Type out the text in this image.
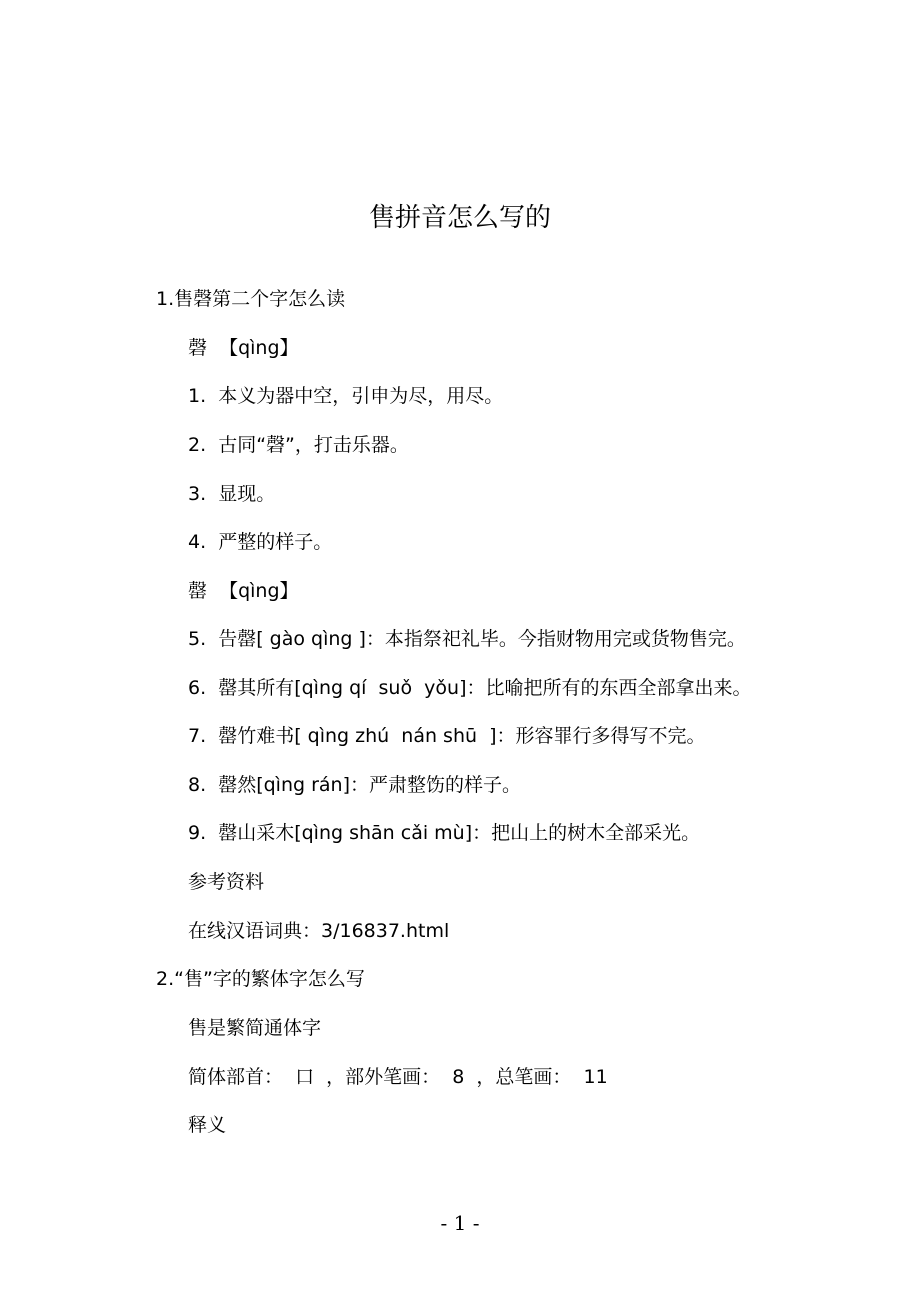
售拼音怎么写的
1.售磬第二个字怎么读
磬  【qìng】
1.  本义为器中空，引申为尽，用尽。
2.  古同“磬”，打击乐器。
3.  显现。
4.  严整的样子。
罄  【qìng】
5.  告罄[ gào qìng ]：本指祭祀礼毕。今指财物用完或货物售完。
6.  罄其所有[qìng qí  suǒ  yǒu]：比喻把所有的东西全部拿出来。
7.  罄竹难书[ qìng zhú  nán shū  ]：形容罪行多得写不完。
8.  罄然[qìng rán]：严肃整饬的样子。
9.  罄山采木[qìng shān cǎi mù]：把山上的树木全部采光。
参考资料
在线汉语词典：3/16837.html
2.“售”字的繁体字怎么写
售是繁简通体字
简体部首：  口  ，部外笔画：  8  ，总笔画：  11
释义
- 1 -
